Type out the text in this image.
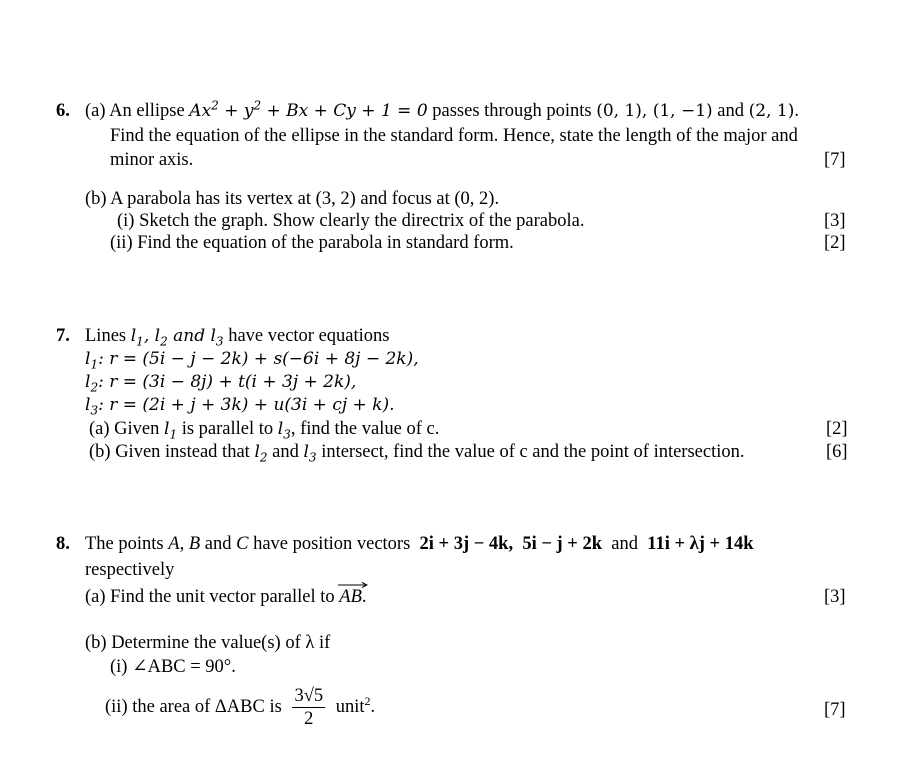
6. (a) An ellipse $Ax^2 + y^2 + Bx + Cy + 1 = 0$ passes through points (0, 1), (1, −1) and (2, 1).
Find the equation of the ellipse in the standard form. Hence, state the length of the major and
minor axis.	[7]
(b) A parabola has its vertex at (3, 2) and focus at (0, 2).
(i) Sketch the graph. Show clearly the directrix of the parabola.	[3]
(ii) Find the equation of the parabola in standard form.	[2]
7. Lines $l_1$, $l_2$ and $l_3$ have vector equations
$l_1$: r = (5i − j − 2k) + s(−6i + 8j − 2k),
$l_2$: r = (3i − 8j) + t(i + 3j + 2k),
$l_3$: r = (2i + j + 3k) + u(3i + cj + k).
(a) Given $l_1$ is parallel to $l_3$, find the value of c.	[2]
(b) Given instead that $l_2$ and $l_3$ intersect, find the value of c and the point of intersection.	[6]
8. The points A, B and C have position vectors 2i + 3j − 4k, 5i − j + 2k and 11i + λj + 14k
respectively
(a) Find the unit vector parallel to AB
.	[3]
(b) Determine the value(s) of λ if
(i) ∠ABC = 90°.
(ii) the area of ΔABC is $\frac{3√5}{2}$ unit$^2$.	[7]
